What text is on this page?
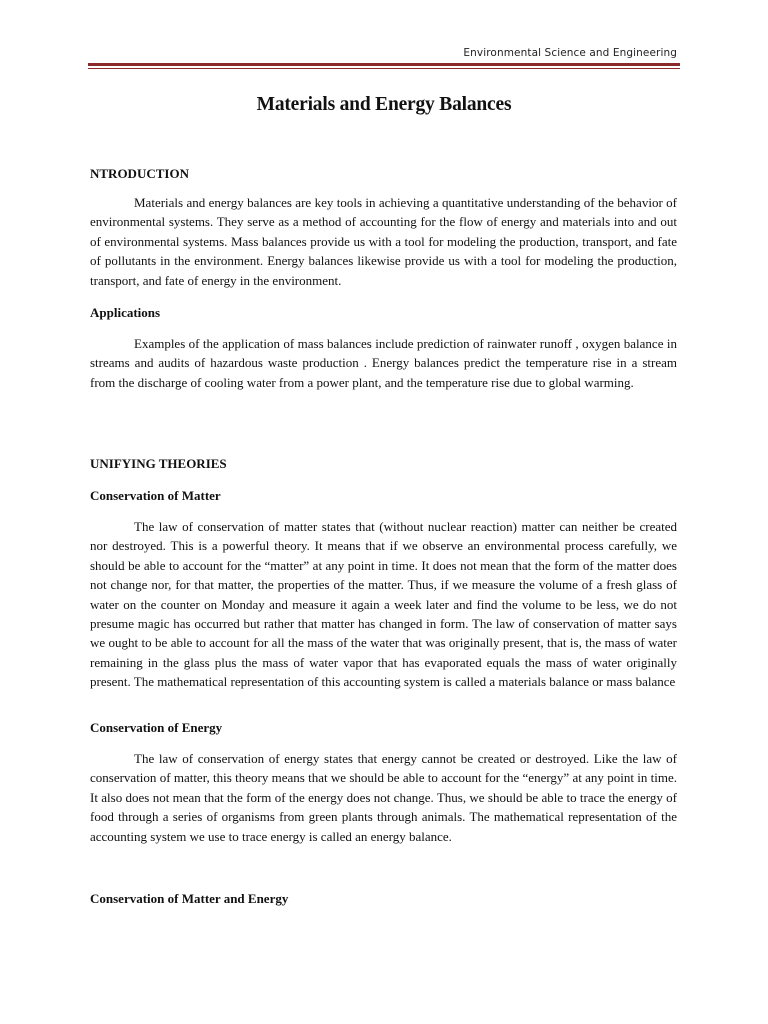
Environmental Science and Engineering
Materials and Energy Balances
NTRODUCTION

Materials and energy balances are key tools in achieving a quantitative understanding of the behavior of environmental systems. They serve as a method of accounting for the flow of energy and materials into and out of environmental systems. Mass balances provide us with a tool for modeling the production, transport, and fate of pollutants in the environment. Energy balances likewise provide us with a tool for modeling the production, transport, and fate of energy in the environment.

Applications

Examples of the application of mass balances include prediction of rainwater runoff , oxygen balance in streams and audits of hazardous waste production . Energy balances predict the temperature rise in a stream from the discharge of cooling water from a power plant, and the temperature rise due to global warming.

UNIFYING THEORIES
Conservation of Matter

The law of conservation of matter states that (without nuclear reaction) matter can neither be created nor destroyed. This is a powerful theory. It means that if we observe an environmental process carefully, we should be able to account for the “matter” at any point in time. It does not mean that the form of the matter does not change nor, for that matter, the properties of the matter. Thus, if we measure the volume of a fresh glass of water on the counter on Monday and measure it again a week later and find the volume to be less, we do not presume magic has occurred but rather that matter has changed in form. The law of conservation of matter says we ought to be able to account for all the mass of the water that was originally present, that is, the mass of water remaining in the glass plus the mass of water vapor that has evaporated equals the mass of water originally present. The mathematical representation of this accounting system is called a materials balance or mass balance

Conservation of Energy

The law of conservation of energy states that energy cannot be created or destroyed. Like the law of conservation of matter, this theory means that we should be able to account for the “energy” at any point in time. It also does not mean that the form of the energy does not change. Thus, we should be able to trace the energy of food through a series of organisms from green plants through animals. The mathematical representation of the accounting system we use to trace energy is called an energy balance.

Conservation of Matter and Energy
